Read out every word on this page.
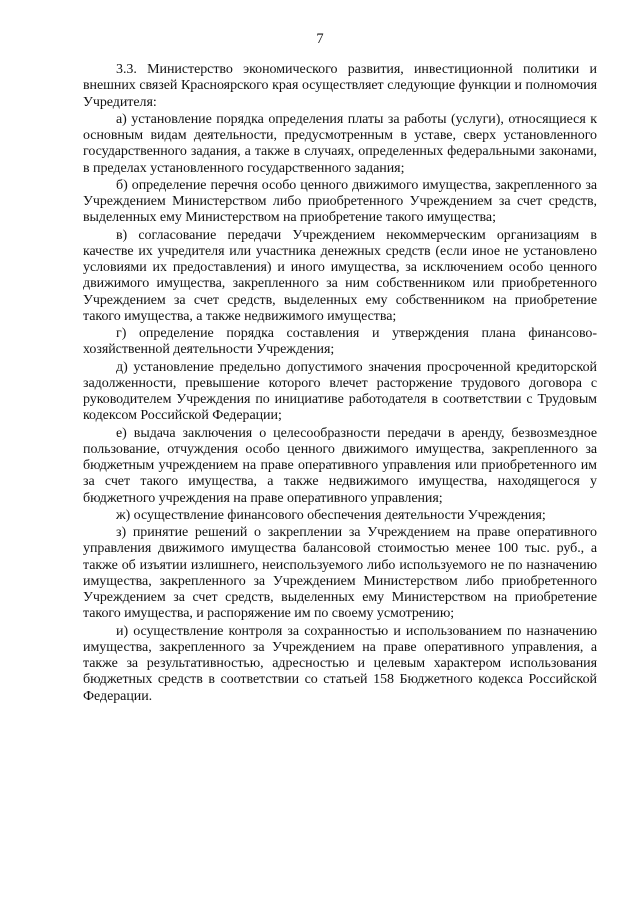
7

3.3. Министерство экономического развития, инвестиционной политики и внешних связей Красноярского края осуществляет следующие функции и полномочия Учредителя:

а) установление порядка определения платы за работы (услуги), относящиеся к основным видам деятельности, предусмотренным в уставе, сверх установленного государственного задания, а также в случаях, определенных федеральными законами, в пределах установленного государственного задания;

б) определение перечня особо ценного движимого имущества, закрепленного за Учреждением Министерством либо приобретенного Учреждением за счет средств, выделенных ему Министерством на приобретение такого имущества;

в) согласование передачи Учреждением некоммерческим организациям в качестве их учредителя или участника денежных средств (если иное не установлено условиями их предоставления) и иного имущества, за исключением особо ценного движимого имущества, закрепленного за ним собственником или приобретенного Учреждением за счет средств, выделенных ему собственником на приобретение такого имущества, а также недвижимого имущества;

г) определение порядка составления и утверждения плана финансово-хозяйственной деятельности Учреждения;

д) установление предельно допустимого значения просроченной кредиторской задолженности, превышение которого влечет расторжение трудового договора с руководителем Учреждения по инициативе работодателя в соответствии с Трудовым кодексом Российской Федерации;

е) выдача заключения о целесообразности передачи в аренду, безвозмездное пользование, отчуждения особо ценного движимого имущества, закрепленного за бюджетным учреждением на праве оперативного управления или приобретенного им за счет такого имущества, а также недвижимого имущества, находящегося у бюджетного учреждения на праве оперативного управления;

ж) осуществление финансового обеспечения деятельности Учреждения;

з) принятие решений о закреплении за Учреждением на праве оперативного управления движимого имущества балансовой стоимостью менее 100 тыс. руб., а также об изъятии излишнего, неиспользуемого либо используемого не по назначению имущества, закрепленного за Учреждением Министерством либо приобретенного Учреждением за счет средств, выделенных ему Министерством на приобретение такого имущества, и распоряжение им по своему усмотрению;

и) осуществление контроля за сохранностью и использованием по назначению имущества, закрепленного за Учреждением на праве оперативного управления, а также за результативностью, адресностью и целевым характером использования бюджетных средств в соответствии со статьей 158 Бюджетного кодекса Российской Федерации.
